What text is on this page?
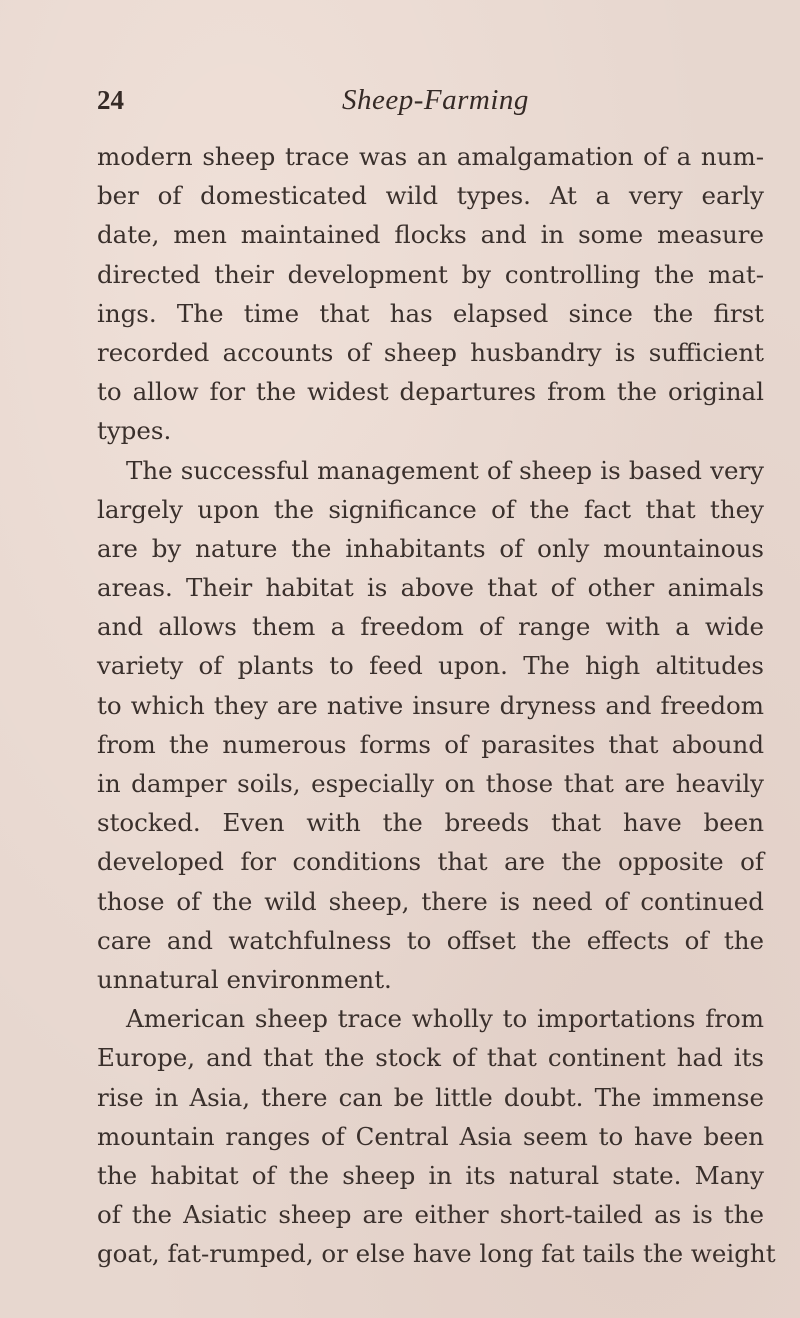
24	Sheep-Farming
modern sheep trace was an amalgamation of a num-
ber of domesticated wild types. At a very early
date, men maintained flocks and in some measure
directed their development by controlling the mat-
ings. The time that has elapsed since the first
recorded accounts of sheep husbandry is sufficient
to allow for the widest departures from the original
types.
The successful management of sheep is based very
largely upon the significance of the fact that they
are by nature the inhabitants of only mountainous
areas. Their habitat is above that of other animals
and allows them a freedom of range with a wide
variety of plants to feed upon. The high altitudes
to which they are native insure dryness and freedom
from the numerous forms of parasites that abound
in damper soils, especially on those that are heavily
stocked. Even with the breeds that have been
developed for conditions that are the opposite of
those of the wild sheep, there is need of continued
care and watchfulness to offset the effects of the
unnatural environment.
American sheep trace wholly to importations from
Europe, and that the stock of that continent had its
rise in Asia, there can be little doubt. The immense
mountain ranges of Central Asia seem to have been
the habitat of the sheep in its natural state. Many
of the Asiatic sheep are either short-tailed as is the
goat, fat-rumped, or else have long fat tails the weight
